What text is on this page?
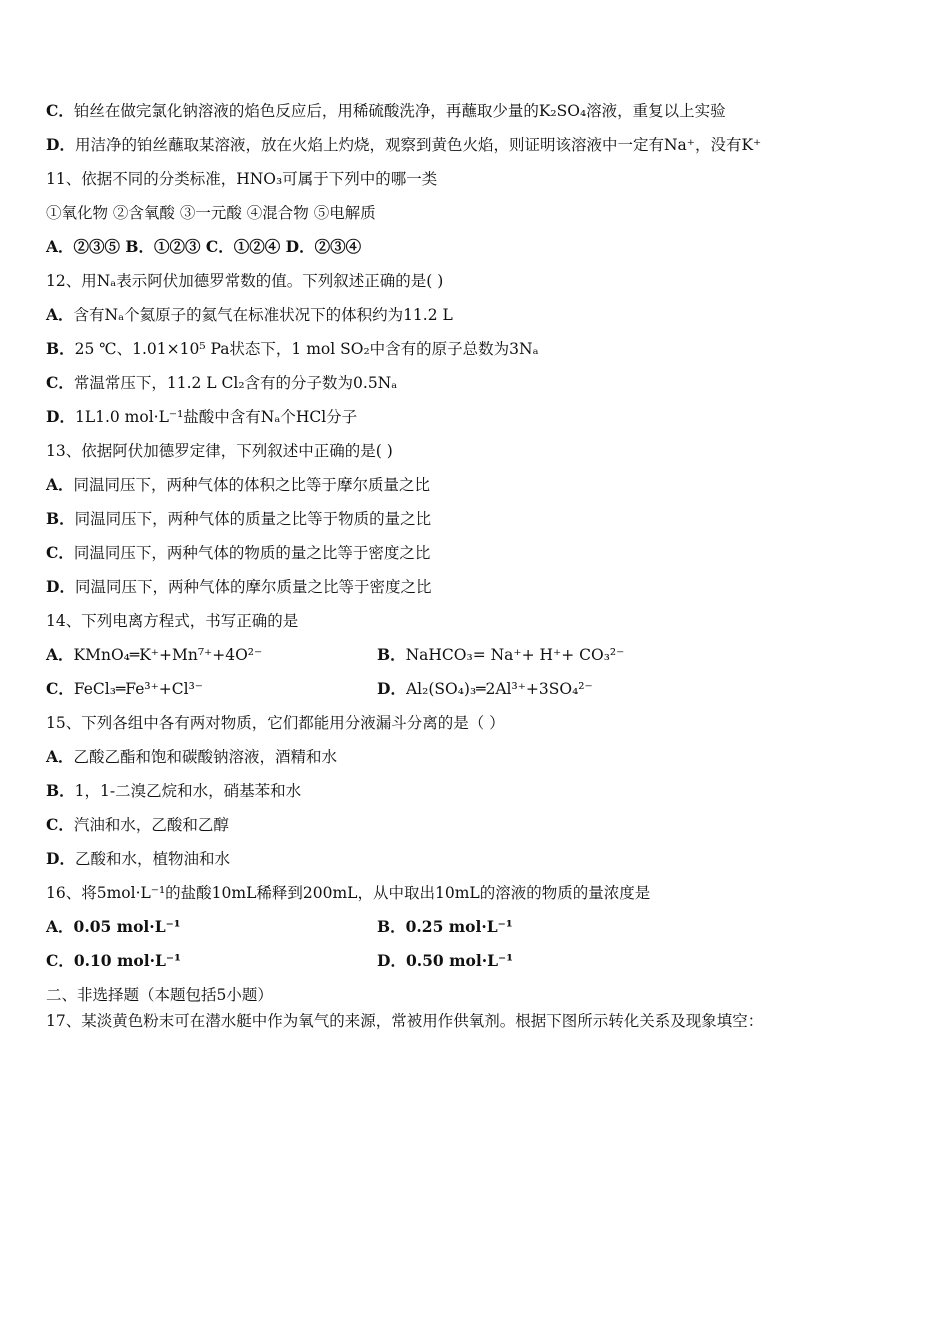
C．铂丝在做完氯化钠溶液的焰色反应后，用稀硫酸洗净，再蘸取少量的K₂SO₄溶液，重复以上实验
D．用洁净的铂丝蘸取某溶液，放在火焰上灼烧，观察到黄色火焰，则证明该溶液中一定有Na⁺，没有K⁺
11、依据不同的分类标准，HNO₃可属于下列中的哪一类
①氧化物 ②含氧酸 ③一元酸 ④混合物 ⑤电解质
A．②③⑤ B．①②③ C．①②④ D．②③④
12、用Nₐ表示阿伏加德罗常数的值。下列叙述正确的是( )
A．含有Nₐ个氦原子的氦气在标准状况下的体积约为11.2 L
B．25 ℃、1.01×10⁵ Pa状态下，1 mol SO₂中含有的原子总数为3Nₐ
C．常温常压下，11.2 L Cl₂含有的分子数为0.5Nₐ
D．1L1.0 mol·L⁻¹盐酸中含有Nₐ个HCl分子
13、依据阿伏加德罗定律，下列叙述中正确的是( )
A．同温同压下，两种气体的体积之比等于摩尔质量之比
B．同温同压下，两种气体的质量之比等于物质的量之比
C．同温同压下，两种气体的物质的量之比等于密度之比
D．同温同压下，两种气体的摩尔质量之比等于密度之比
14、下列电离方程式，书写正确的是
A．KMnO₄═K⁺+Mn⁷⁺+4O²⁻	B．NaHCO₃= Na⁺+ H⁺+ CO₃²⁻
C．FeCl₃═Fe³⁺+Cl³⁻	D．Al₂(SO₄)₃═2Al³⁺+3SO₄²⁻
15、下列各组中各有两对物质，它们都能用分液漏斗分离的是（ ）
A．乙酸乙酯和饱和碳酸钠溶液，酒精和水
B．1，1-二溴乙烷和水，硝基苯和水
C．汽油和水，乙酸和乙醇
D．乙酸和水，植物油和水
16、将5mol·L⁻¹的盐酸10mL稀释到200mL，从中取出10mL的溶液的物质的量浓度是
A．0.05 mol·L⁻¹	B．0.25 mol·L⁻¹
C．0.10 mol·L⁻¹	D．0.50 mol·L⁻¹
二、非选择题（本题包括5小题）
17、某淡黄色粉末可在潜水艇中作为氧气的来源，常被用作供氧剂。根据下图所示转化关系及现象填空：
